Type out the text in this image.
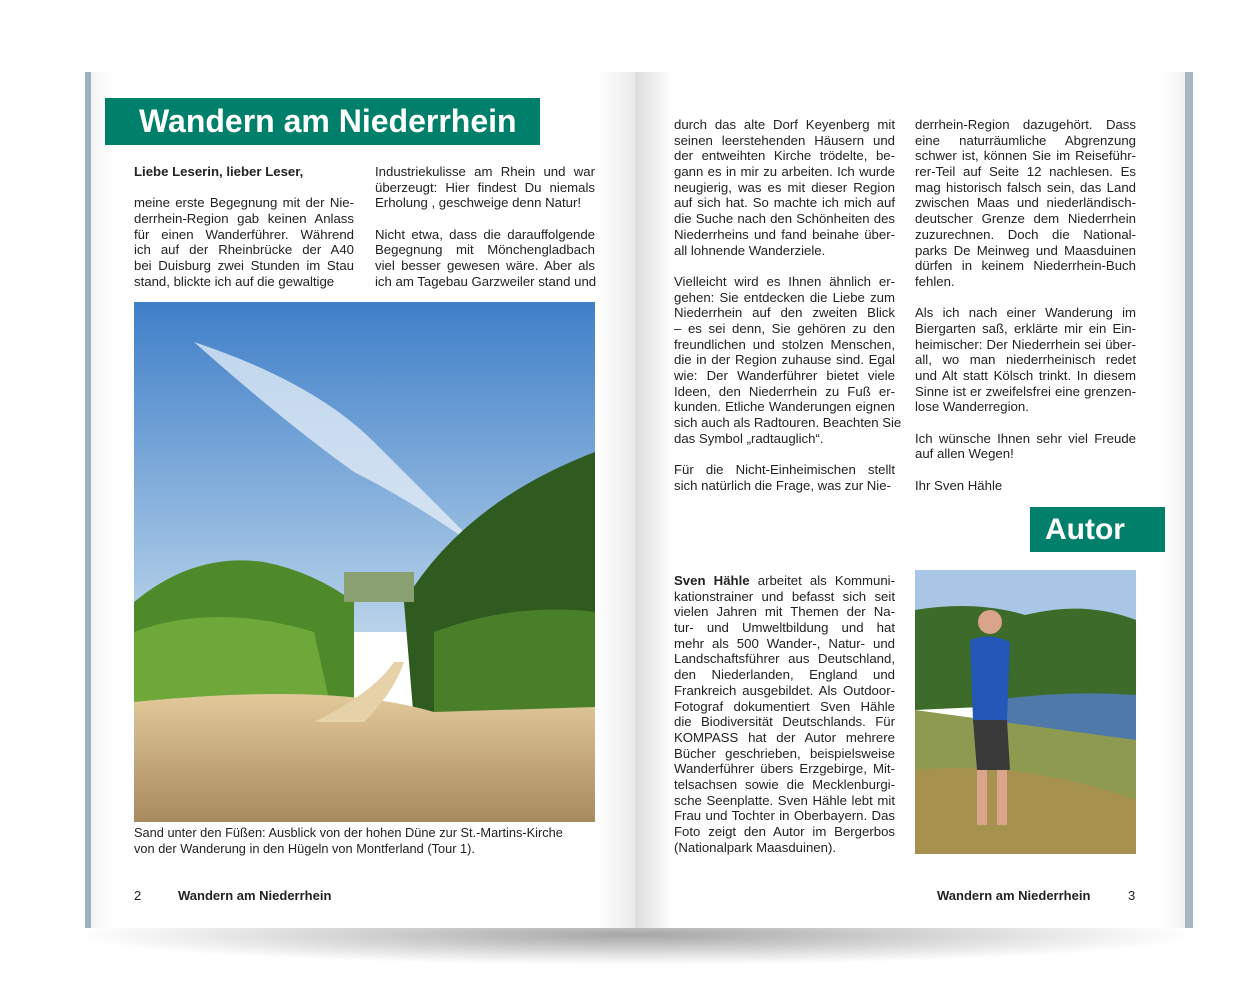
Wandern am Niederrhein
Liebe Leserin, lieber Leser,
meine erste Begegnung mit der Nie-
derrhein-Region gab keinen Anlass
für einen Wanderführer. Während
ich auf der Rheinbrücke der A40
bei Duisburg zwei Stunden im Stau
stand, blickte ich auf die gewaltige
Industriekulisse am Rhein und war
überzeugt: Hier findest Du niemals
Erholung , geschweige denn Natur!
Nicht etwa, dass die darauffolgende
Begegnung mit Mönchengladbach
viel besser gewesen wäre. Aber als
ich am Tagebau Garzweiler stand und
Sand unter den Füßen: Ausblick von der hohen Düne zur St.-Martins-Kirche
von der Wanderung in den Hügeln von Montferland (Tour 1).
2	Wandern am Niederrhein
durch das alte Dorf Keyenberg mit
seinen leerstehenden Häusern und
der entweihten Kirche trödelte, be-
gann es in mir zu arbeiten. Ich wurde
neugierig, was es mit dieser Region
auf sich hat. So machte ich mich auf
die Suche nach den Schönheiten des
Niederrheins und fand beinahe über-
all lohnende Wanderziele.
Vielleicht wird es Ihnen ähnlich er-
gehen: Sie entdecken die Liebe zum
Niederrhein auf den zweiten Blick
– es sei denn, Sie gehören zu den
freundlichen und stolzen Menschen,
die in der Region zuhause sind. Egal
wie: Der Wanderführer bietet viele
Ideen, den Niederrhein zu Fuß er-
kunden. Etliche Wanderungen eignen
sich auch als Radtouren. Beachten Sie
das Symbol „radtauglich“.
Für die Nicht-Einheimischen stellt
sich natürlich die Frage, was zur Nie-
derrhein-Region dazugehört. Dass
eine naturräumliche Abgrenzung
schwer ist, können Sie im Reiseführ-
rer-Teil auf Seite 12 nachlesen. Es
mag historisch falsch sein, das Land
zwischen Maas und niederländisch-
deutscher Grenze dem Niederrhein
zuzurechnen. Doch die National-
parks De Meinweg und Maasduinen
dürfen in keinem Niederrhein-Buch
fehlen.
Als ich nach einer Wanderung im
Biergarten saß, erklärte mir ein Ein-
heimischer: Der Niederrhein sei über-
all, wo man niederrheinisch redet
und Alt statt Kölsch trinkt. In diesem
Sinne ist er zweifelsfrei eine grenzen-
lose Wanderregion.
Ich wünsche Ihnen sehr viel Freude
auf allen Wegen!
Ihr Sven Hähle
Autor
Sven Hähle arbeitet als Kommuni-
kationstrainer und befasst sich seit
vielen Jahren mit Themen der Na-
tur- und Umweltbildung und hat
mehr als 500 Wander-, Natur- und
Landschaftsführer aus Deutschland,
den Niederlanden, England und
Frankreich ausgebildet. Als Outdoor-
Fotograf dokumentiert Sven Hähle
die Biodiversität Deutschlands. Für
KOMPASS hat der Autor mehrere
Bücher geschrieben, beispielsweise
Wanderführer übers Erzgebirge, Mit-
telsachsen sowie die Mecklenburgi-
sche Seenplatte. Sven Hähle lebt mit
Frau und Tochter in Oberbayern. Das
Foto zeigt den Autor im Bergerbos
(Nationalpark Maasduinen).
Wandern am Niederrhein	3
